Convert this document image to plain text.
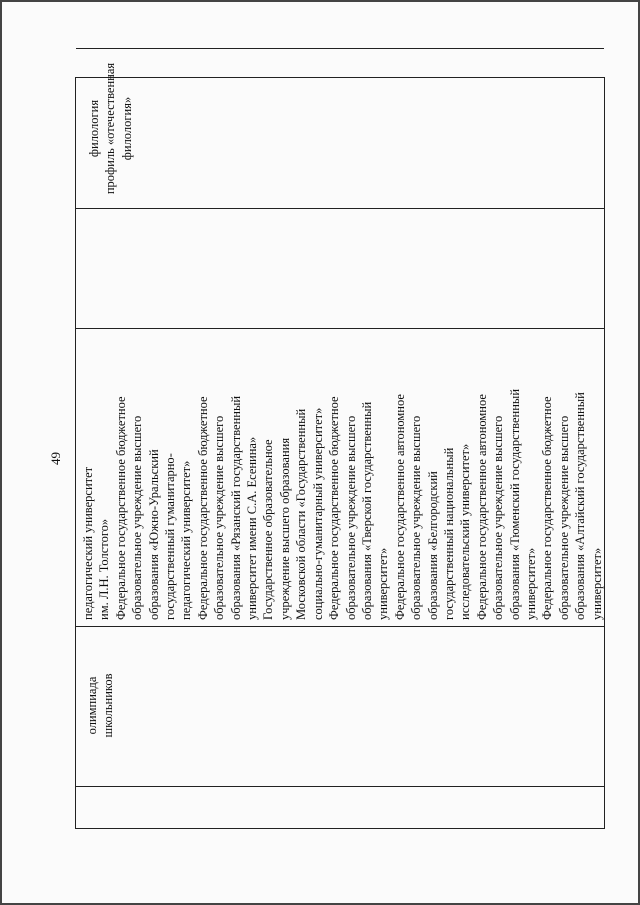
49
олимпиада школьников
педагогический университет им. Л.Н. Толстого» Федеральное государственное бюджетное образовательное учреждение высшего образования «Южно-Уральский государственный гуманитарно- педагогический университет» Федеральное государственное бюджетное образовательное учреждение высшего образования «Рязанский государственный университет имени С.А. Есенина» Государственное образовательное учреждение высшего образования Московской области «Государственный социально-гуманитарный университет» Федеральное государственное бюджетное образовательное учреждение высшего образования «Тверской государственный университет» Федеральное государственное автономное образовательное учреждение высшего образования «Белгородский государственный национальный исследовательский университет» Федеральное государственное автономное образовательное учреждение высшего образования «Тюменский государственный университет» Федеральное государственное бюджетное образовательное учреждение высшего образования «Алтайский государственный университет»
филология профиль «отечественная филология»
